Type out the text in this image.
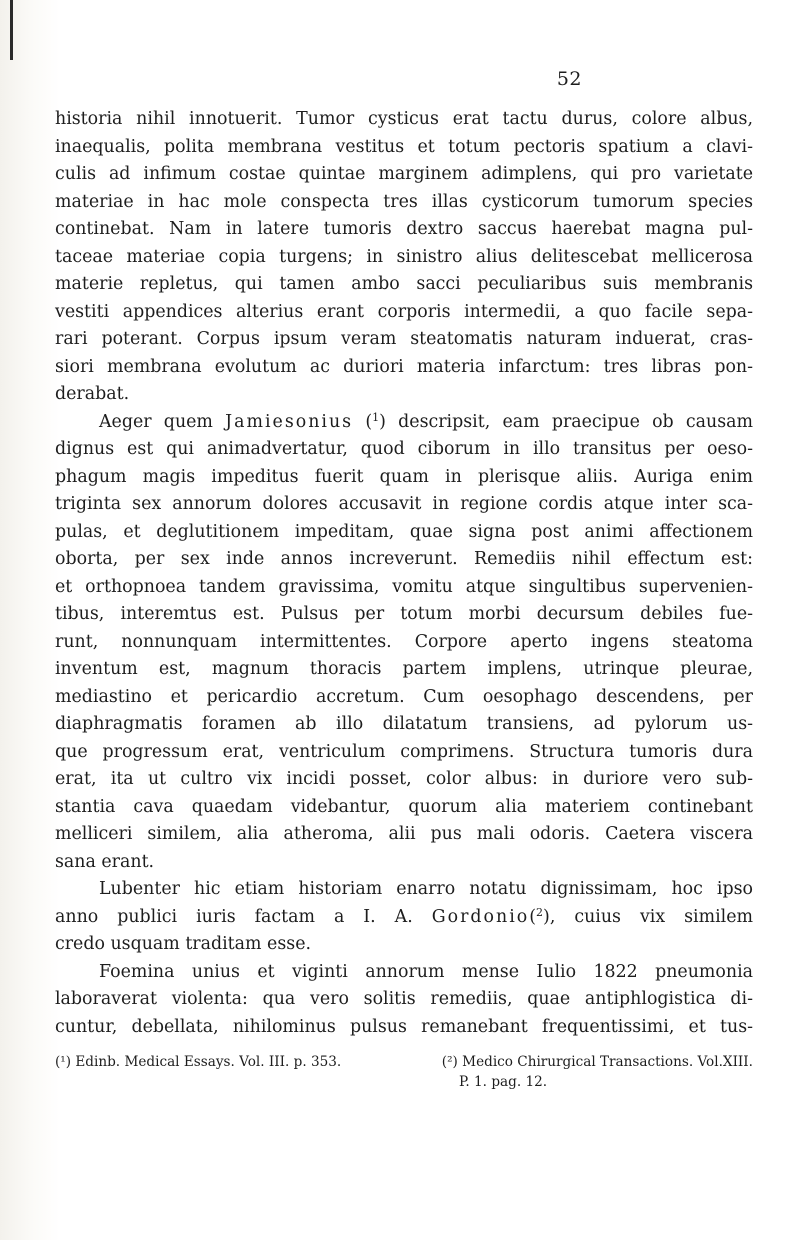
52
historia nihil innotuerit. Tumor cysticus erat tactu durus, colore albus,
inaequalis, polita membrana vestitus et totum pectoris spatium a clavi-
culis ad infimum costae quintae marginem adimplens, qui pro varietate
materiae in hac mole conspecta tres illas cysticorum tumorum species
continebat. Nam in latere tumoris dextro saccus haerebat magna pul-
taceae materiae copia turgens; in sinistro alius delitescebat mellicerosa
materie repletus, qui tamen ambo sacci peculiaribus suis membranis
vestiti appendices alterius erant corporis intermedii, a quo facile sepa-
rari poterant. Corpus ipsum veram steatomatis naturam induerat, cras-
siori membrana evolutum ac duriori materia infarctum: tres libras pon-
derabat.
Aeger quem Jamiesonius ($^1$) descripsit, eam praecipue ob causam
dignus est qui animadvertatur, quod ciborum in illo transitus per oeso-
phagum magis impeditus fuerit quam in plerisque aliis. Auriga enim
triginta sex annorum dolores accusavit in regione cordis atque inter sca-
pulas, et deglutitionem impeditam, quae signa post animi affectionem
oborta, per sex inde annos increverunt. Remediis nihil effectum est:
et orthopnoea tandem gravissima, vomitu atque singultibus supervenien-
tibus, interemtus est. Pulsus per totum morbi decursum debiles fue-
runt, nonnunquam intermittentes. Corpore aperto ingens steatoma
inventum est, magnum thoracis partem implens, utrinque pleurae,
mediastino et pericardio accretum. Cum oesophago descendens, per
diaphragmatis foramen ab illo dilatatum transiens, ad pylorum us-
que progressum erat, ventriculum comprimens. Structura tumoris dura
erat, ita ut cultro vix incidi posset, color albus: in duriore vero sub-
stantia cava quaedam videbantur, quorum alia materiem continebant
melliceri similem, alia atheroma, alii pus mali odoris. Caetera viscera
sana erant.
Lubenter hic etiam historiam enarro notatu dignissimam, hoc ipso
anno publici iuris factam a I. A. Gordonio($^2$), cuius vix similem
credo usquam traditam esse.
Foemina unius et viginti annorum mense Iulio 1822 pneumonia
laboraverat violenta: qua vero solitis remediis, quae antiphlogistica di-
cuntur, debellata, nihilominus pulsus remanebant frequentissimi, et tus-
(¹) Edinb. Medical Essays. Vol. III. p. 353.	(²) Medico Chirurgical Transactions. Vol.XIII.
P. 1. pag. 12.
